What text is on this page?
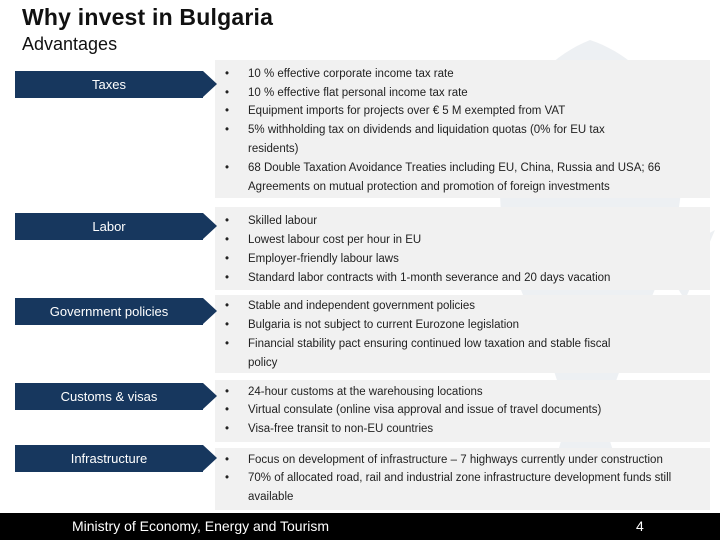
Why invest in Bulgaria
Advantages
Taxes
•	10 % effective corporate income tax rate
•	10 % effective flat personal income tax rate
•	Equipment imports for projects over € 5 M exempted from VAT
•	5% withholding tax on dividends and liquidation quotas (0% for EU tax residents)
•	68 Double Taxation Avoidance Treaties including EU, China, Russia and USA; 66 Agreements on mutual protection and promotion of foreign investments
Labor	•	Skilled labour
•	Lowest labour cost per hour in EU
•	Employer-friendly labour laws
•	Standard labor contracts with 1-month severance and 20 days vacation
Government policies	•	Stable and independent government policies
•	Bulgaria is not subject to current Eurozone legislation
•	Financial stability pact ensuring continued low taxation and stable fiscal policy
Customs & visas	•	24-hour customs at the warehousing locations
•	Virtual consulate (online visa approval and issue of travel documents)
•	Visa-free transit to non-EU countries
Infrastructure	•	Focus on development of infrastructure – 7 highways currently under construction
•	70% of allocated road, rail and industrial zone infrastructure development funds still available
Ministry of Economy, Energy and Tourism	4
